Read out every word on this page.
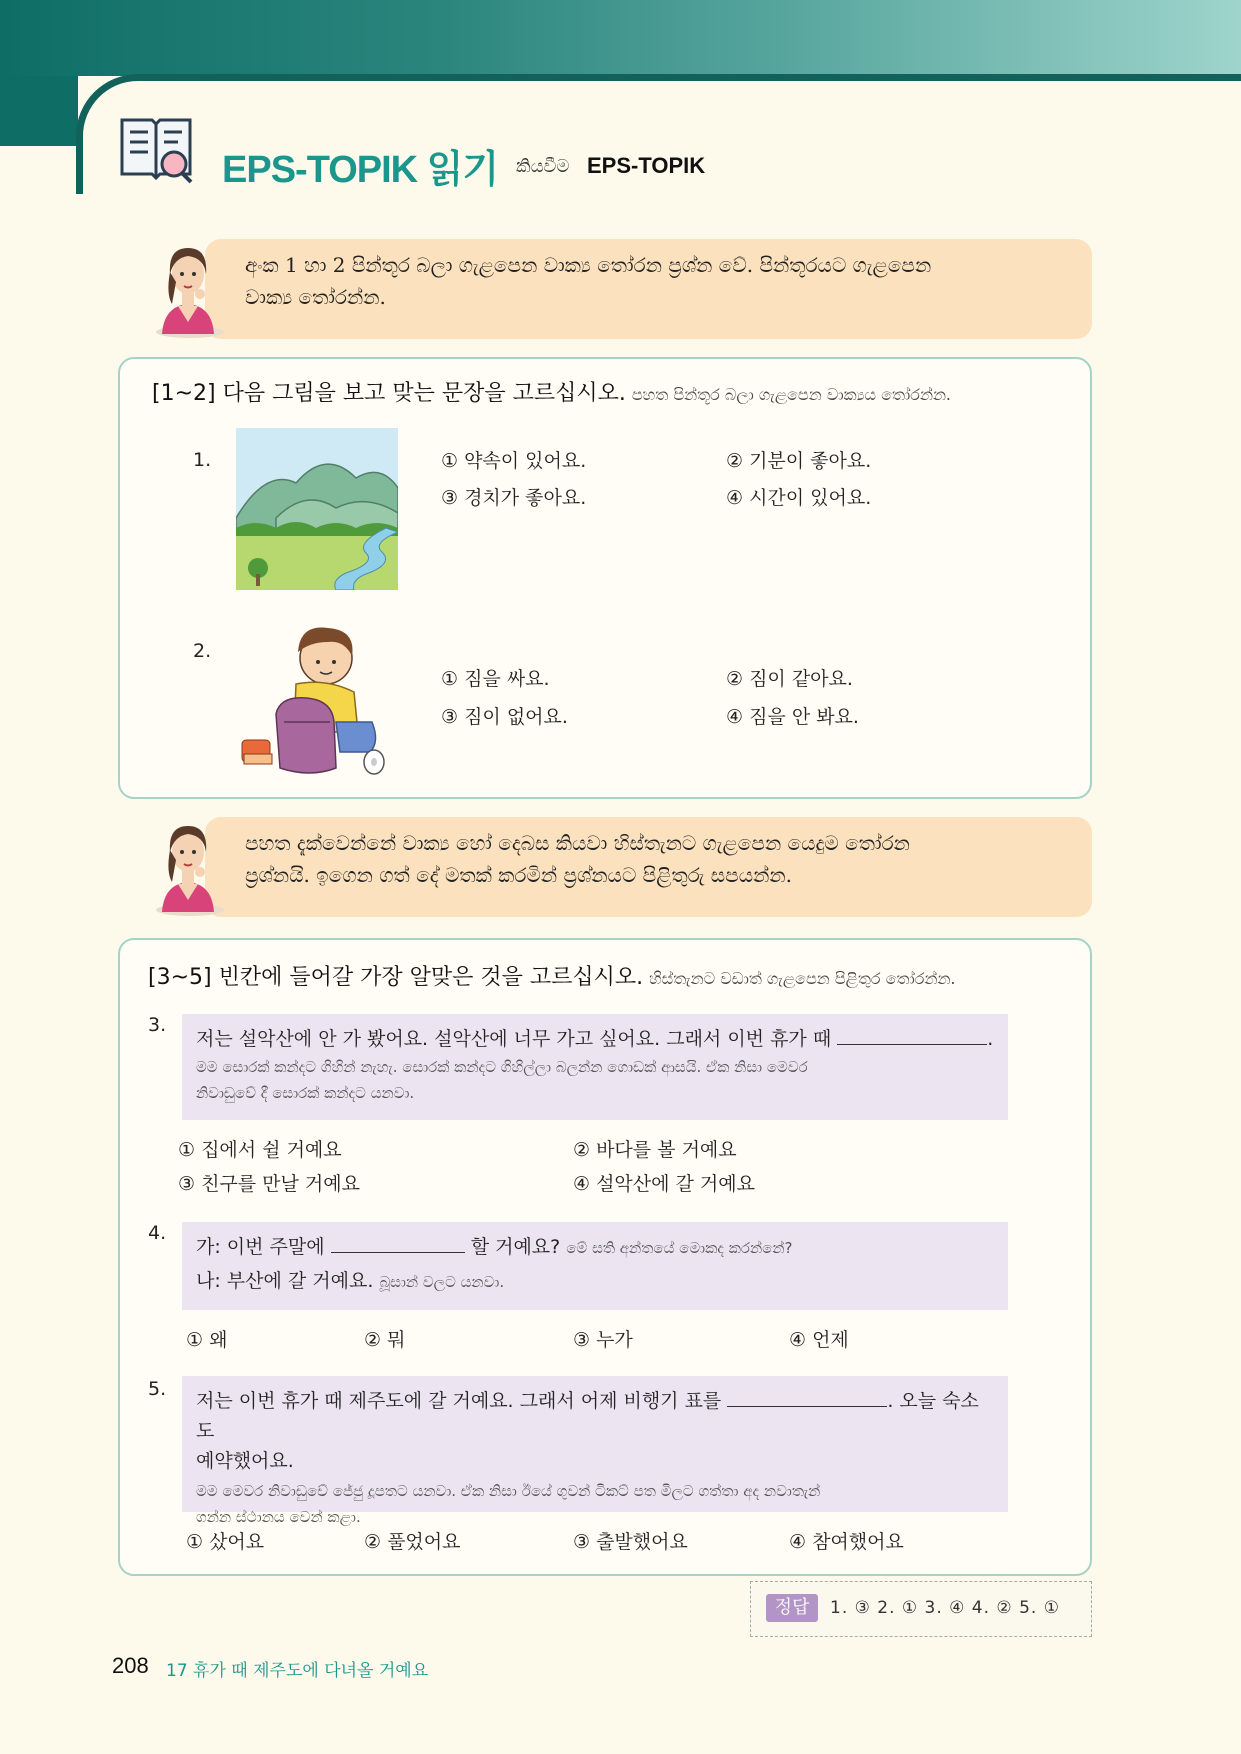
EPS-TOPIK 읽기 කියවීම EPS-TOPIK
අංක 1 හා 2 පින්තූර බලා ගැළපෙන වාක්‍ය තෝරන ප්‍රශ්න වේ. පින්තූරයට ගැළපෙන
වාක්‍ය තෝරන්න.
[1~2] 다음 그림을 보고 맞는 문장을 고르십시오. පහත පින්තූර බලා ගැළපෙන වාක්‍යය තෝරන්න.
1.	① 약속이 있어요.	② 기분이 좋아요.
③ 경치가 좋아요.	④ 시간이 있어요.
2.
① 짐을 싸요.	② 짐이 같아요.
③ 짐이 없어요.	④ 짐을 안 봐요.
පහත දැක්වෙන්නේ වාක්‍ය හෝ දෙබස කියවා හිස්තැනට ගැළපෙන යෙදුම තෝරන
ප්‍රශ්නයි. ඉගෙන ගත් දේ මතක් කරමින් ප්‍රශ්නයට පිළිතුරු සපයන්න.
[3~5] 빈칸에 들어갈 가장 알맞은 것을 고르십시오. හිස්තැනට වඩාත් ගැළපෙන පිළිතුර තෝරන්න.
3.
저는 설악산에 안 가 봤어요. 설악산에 너무 가고 싶어요. 그래서 이번 휴가 때	.
මම සොරක් කන්දට ගිහින් නැහැ. සොරක් කන්දට ගිහිල්ලා බලන්න ගොඩක් ආසයි. ඒක නිසා මෙවර
නිවාඩුවේ දී සොරක් කන්දට යනවා.
① 집에서 쉴 거예요	② 바다를 볼 거예요
③ 친구를 만날 거예요	④ 설악산에 갈 거예요
4.
가: 이번 주말에	할 거예요? මේ සති අන්තයේ මොකද කරන්නේ?
나: 부산에 갈 거예요. බූසාන් වලට යනවා.
① 왜	② 뭐	③ 누가	④ 언제
5.
저는 이번 휴가 때 제주도에 갈 거예요. 그래서 어제 비행기 표를	. 오늘 숙소도
예약했어요.
මම මෙවර නිවාඩුවේ ජේජු දූපතට යනවා. ඒක නිසා ඊයේ ගුවන් ටිකට් පත මිලට ගත්තා අද නවාතැන්
ගන්න ස්ථානය වෙන් කළා.
① 샀어요	② 풀었어요	③ 출발했어요	④ 참여했어요
정답	1. ③ 2. ① 3. ④ 4. ② 5. ①
208 17 휴가 때 제주도에 다녀올 거예요
